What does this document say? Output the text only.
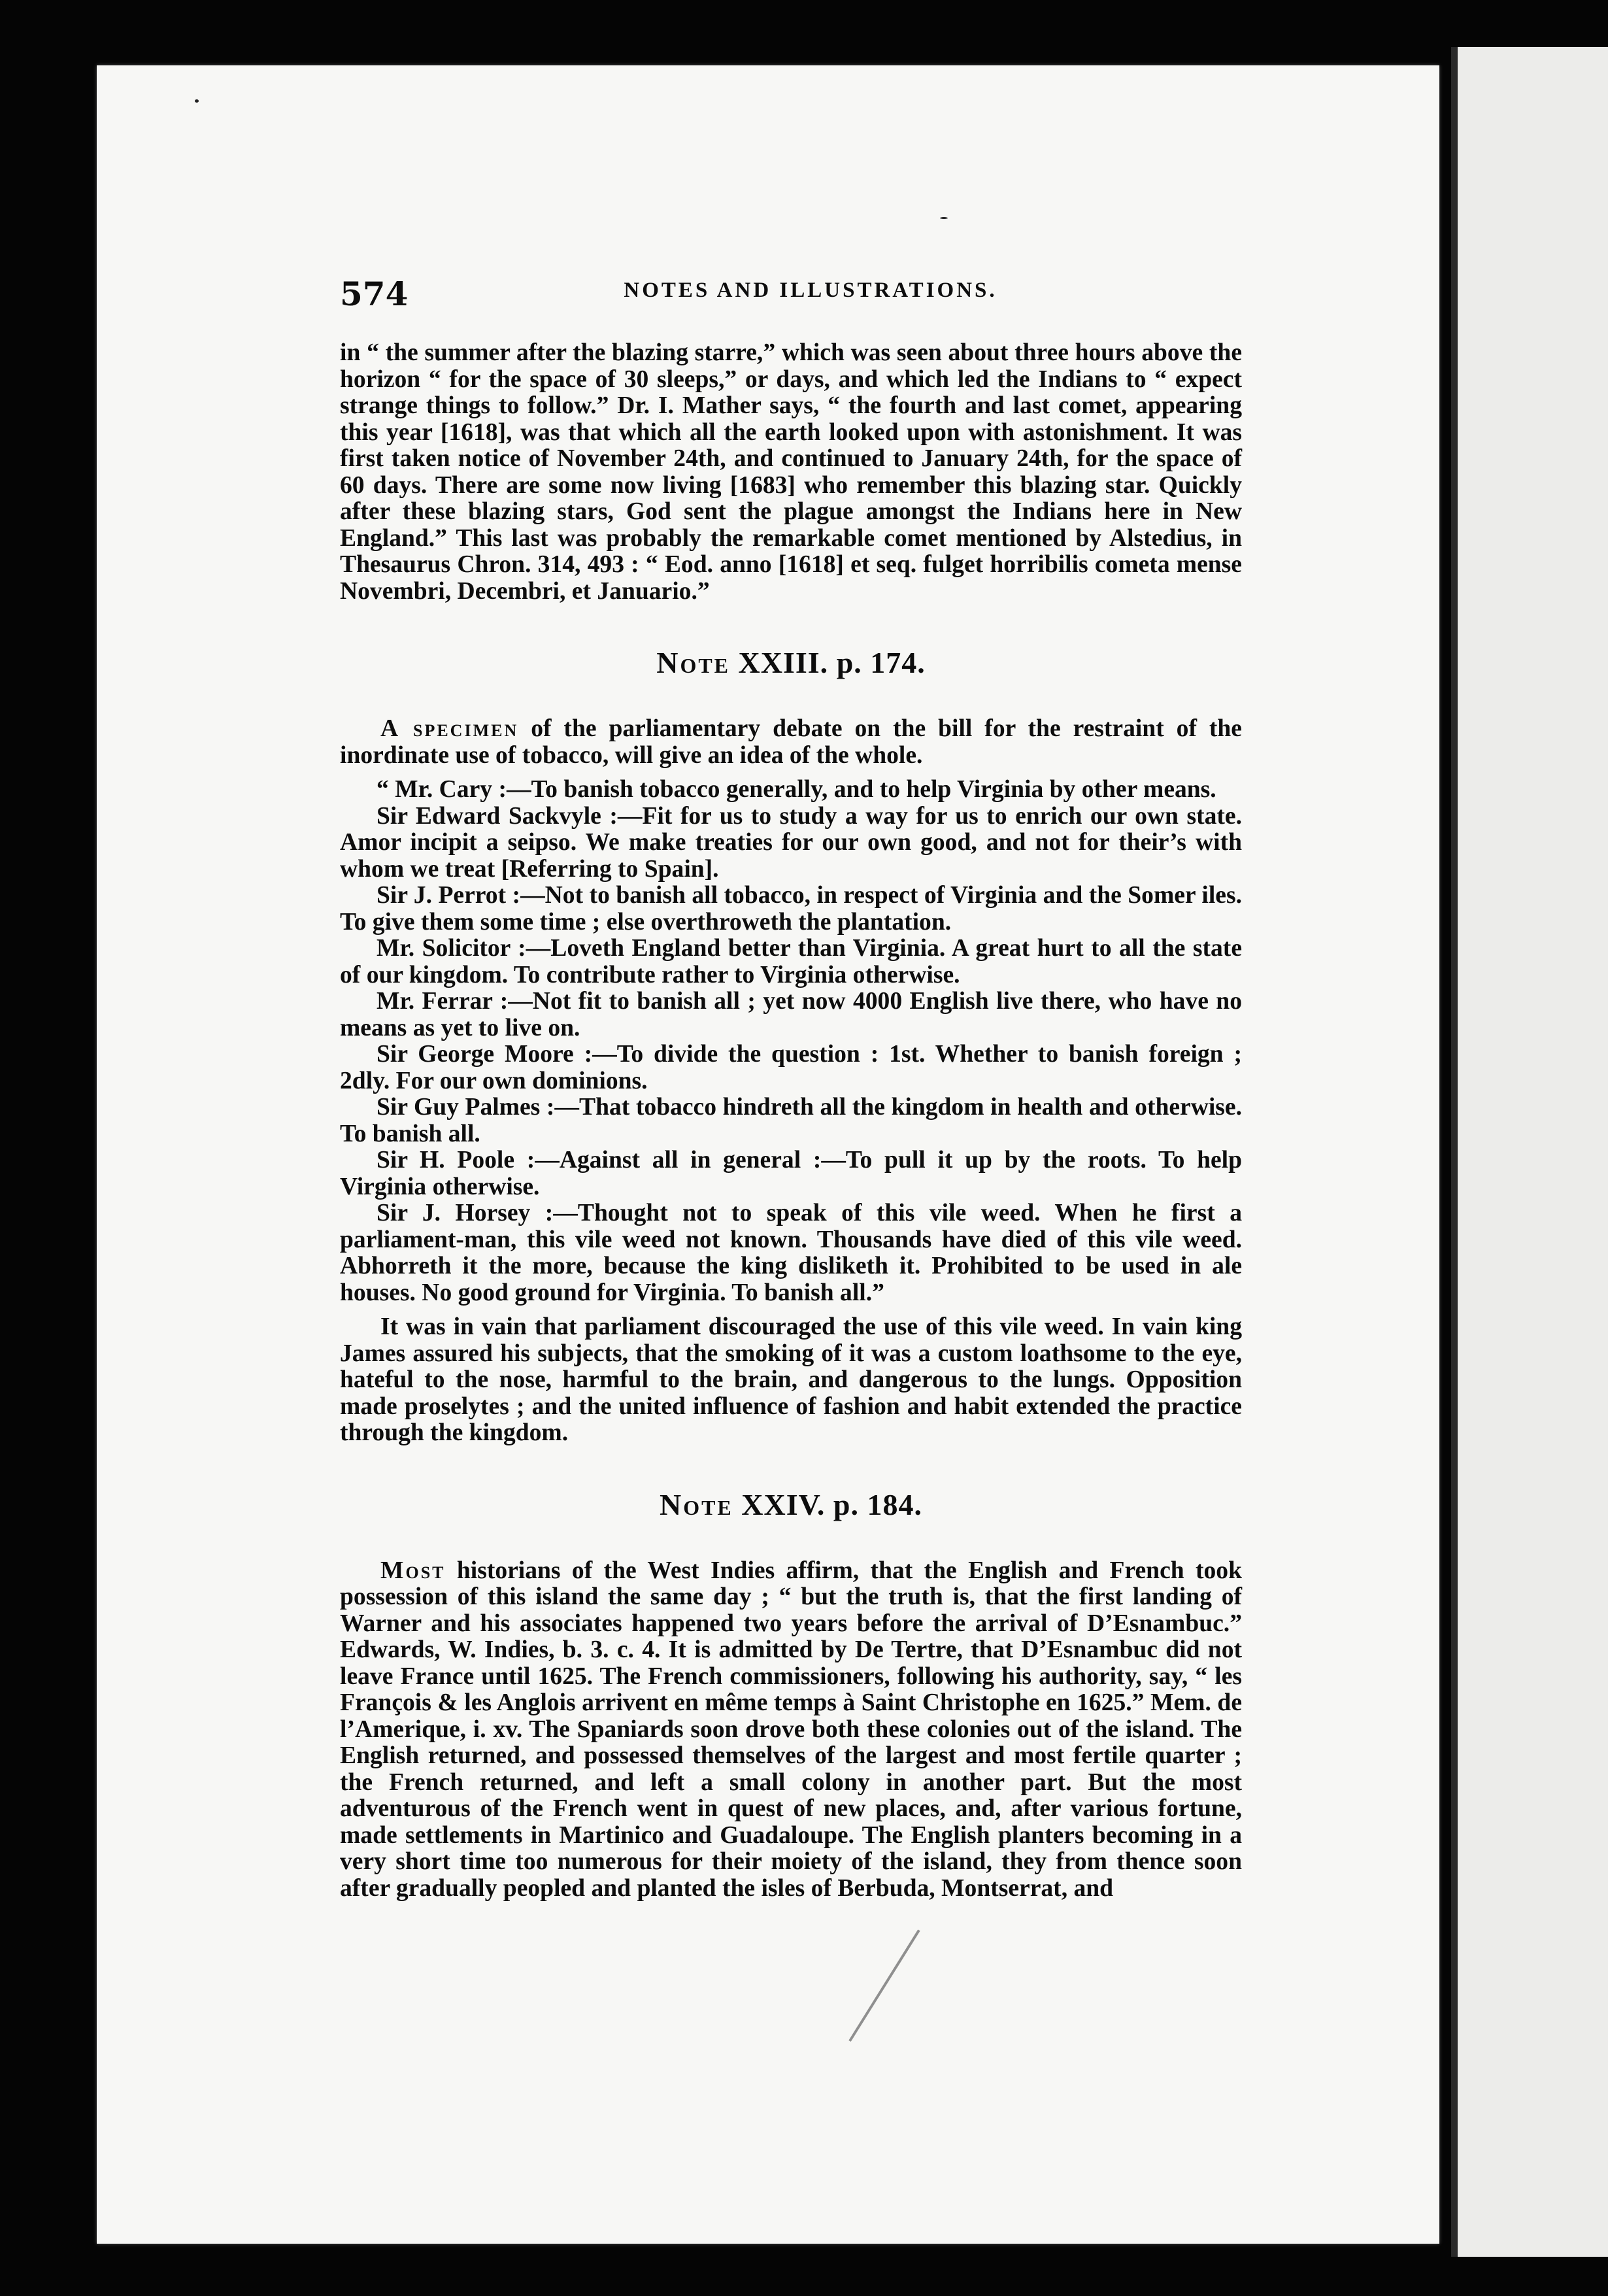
574	NOTES AND ILLUSTRATIONS.

in “ the summer after the blazing starre,” which was seen about three hours above the horizon “ for the space of 30 sleeps,” or days, and which led the Indians to “ expect strange things to follow.” Dr. I. Mather says, “ the fourth and last comet, appearing this year [1618], was that which all the earth looked upon with astonishment. It was first taken notice of November 24th, and continued to January 24th, for the space of 60 days. There are some now living [1683] who remember this blazing star. Quickly after these blazing stars, God sent the plague amongst the Indians here in New England.” This last was probably the remarkable comet mentioned by Alstedius, in Thesaurus Chron. 314, 493 : “ Eod. anno [1618] et seq. fulget horribilis cometa mense Novembri, Decembri, et Januario.”

Note XXIII. p. 174.

A specimen of the parliamentary debate on the bill for the restraint of the inordinate use of tobacco, will give an idea of the whole.

“ Mr. Cary :—To banish tobacco generally, and to help Virginia by other means.

Sir Edward Sackvyle :—Fit for us to study a way for us to enrich our own state. Amor incipit a seipso. We make treaties for our own good, and not for their’s with whom we treat [Referring to Spain].

Sir J. Perrot :—Not to banish all tobacco, in respect of Virginia and the Somer iles. To give them some time ; else overthroweth the plantation.

Mr. Solicitor :—Loveth England better than Virginia. A great hurt to all the state of our kingdom. To contribute rather to Virginia otherwise.

Mr. Ferrar :—Not fit to banish all ; yet now 4000 English live there, who have no means as yet to live on.

Sir George Moore :—To divide the question : 1st. Whether to banish foreign ; 2dly. For our own dominions.

Sir Guy Palmes :—That tobacco hindreth all the kingdom in health and otherwise. To banish all.

Sir H. Poole :—Against all in general :—To pull it up by the roots. To help Virginia otherwise.

Sir J. Horsey :—Thought not to speak of this vile weed. When he first a parliament-man, this vile weed not known. Thousands have died of this vile weed. Abhorreth it the more, because the king disliketh it. Prohibited to be used in ale houses. No good ground for Virginia. To banish all.”

It was in vain that parliament discouraged the use of this vile weed. In vain king James assured his subjects, that the smoking of it was a custom loathsome to the eye, hateful to the nose, harmful to the brain, and dangerous to the lungs. Opposition made proselytes ; and the united influence of fashion and habit extended the practice through the kingdom.

Note XXIV. p. 184.

Most historians of the West Indies affirm, that the English and French took possession of this island the same day ; “ but the truth is, that the first landing of Warner and his associates happened two years before the arrival of D’Esnambuc.” Edwards, W. Indies, b. 3. c. 4. It is admitted by De Tertre, that D’Esnambuc did not leave France until 1625. The French commissioners, following his authority, say, “ les François & les Anglois arrivent en même temps à Saint Christophe en 1625.” Mem. de l’Amerique, i. xv. The Spaniards soon drove both these colonies out of the island. The English returned, and possessed themselves of the largest and most fertile quarter ; the French returned, and left a small colony in another part. But the most adventurous of the French went in quest of new places, and, after various fortune, made settlements in Martinico and Guadaloupe. The English planters becoming in a very short time too numerous for their moiety of the island, they from thence soon after gradually peopled and planted the isles of Berbuda, Montserrat, and
